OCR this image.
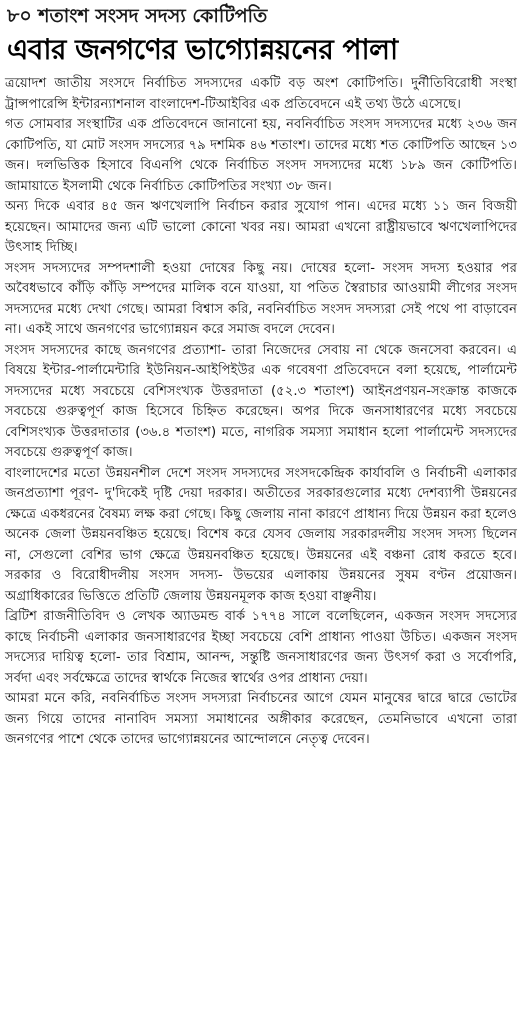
৮০ শতাংশ সংসদ সদস্য কোটিপতি
এবার জনগণের ভাগ্যোন্নয়নের পালা

ত্রয়োদশ জাতীয় সংসদে নির্বাচিত সদস্যদের একটি বড় অংশ কোটিপতি। দুর্নীতিবিরোধী সংস্থা ট্রান্সপারেন্সি ইন্টারন্যাশনাল বাংলাদেশ-টিআইবির এক প্রতিবেদনে এই তথ্য উঠে এসেছে।

গত সোমবার সংস্থাটির এক প্রতিবেদনে জানানো হয়, নবনির্বাচিত সংসদ সদস্যদের মধ্যে ২৩৬ জন কোটিপতি, যা মোট সংসদ সদস্যের ৭৯ দশমিক ৪৬ শতাংশ। তাদের মধ্যে শত কোটিপতি আছেন ১৩ জন। দলভিত্তিক হিসাবে বিএনপি থেকে নির্বাচিত সংসদ সদস্যদের মধ্যে ১৮৯ জন কোটিপতি। জামায়াতে ইসলামী থেকে নির্বাচিত কোটিপতির সংখ্যা ৩৮ জন।

অন্য দিকে এবার ৪৫ জন ঋণখেলাপি নির্বাচন করার সুযোগ পান। এদের মধ্যে ১১ জন বিজয়ী হয়েছেন। আমাদের জন্য এটি ভালো কোনো খবর নয়। আমরা এখনো রাষ্ট্রীয়ভাবে ঋণখেলাপিদের উৎসাহ দিচ্ছি।

সংসদ সদস্যদের সম্পদশালী হওয়া দোষের কিছু নয়। দোষের হলো- সংসদ সদস্য হওয়ার পর অবৈধভাবে কাঁড়ি কাঁড়ি সম্পদের মালিক বনে যাওয়া, যা পতিত স্বৈরাচার আওয়ামী লীগের সংসদ সদস্যদের মধ্যে দেখা গেছে। আমরা বিশ্বাস করি, নবনির্বাচিত সংসদ সদস্যরা সেই পথে পা বাড়াবেন না। একই সাথে জনগণের ভাগ্যোন্নয়ন করে সমাজ বদলে দেবেন।

সংসদ সদস্যদের কাছে জনগণের প্রত্যাশা- তারা নিজেদের সেবায় না থেকে জনসেবা করবেন। এ বিষয়ে ইন্টার-পার্লামেন্টারি ইউনিয়ন-আইপিইউর এক গবেষণা প্রতিবেদনে বলা হয়েছে, পার্লামেন্ট সদস্যদের মধ্যে সবচেয়ে বেশিসংখ্যক উত্তরদাতা (৫২.৩ শতাংশ) আইনপ্রণয়ন-সংক্রান্ত কাজকে সবচেয়ে গুরুত্বপূর্ণ কাজ হিসেবে চিহ্নিত করেছেন। অপর দিকে জনসাধারণের মধ্যে সবচেয়ে বেশিসংখ্যক উত্তরদাতার (৩৬.৪ শতাংশ) মতে, নাগরিক সমস্যা সমাধান হলো পার্লামেন্ট সদস্যদের সবচেয়ে গুরুত্বপূর্ণ কাজ।

বাংলাদেশের মতো উন্নয়নশীল দেশে সংসদ সদস্যদের সংসদকেন্দ্রিক কার্যাবলি ও নির্বাচনী এলাকার জনপ্রত্যাশা পূরণ- দু'দিকেই দৃষ্টি দেয়া দরকার। অতীতের সরকারগুলোর মধ্যে দেশব্যাপী উন্নয়নের ক্ষেত্রে একধরনের বৈষম্য লক্ষ করা গেছে। কিছু জেলায় নানা কারণে প্রাধান্য দিয়ে উন্নয়ন করা হলেও অনেক জেলা উন্নয়নবঞ্চিত হয়েছে। বিশেষ করে যেসব জেলায় সরকারদলীয় সংসদ সদস্য ছিলেন না, সেগুলো বেশির ভাগ ক্ষেত্রে উন্নয়নবঞ্চিত হয়েছে। উন্নয়নের এই বঞ্চনা রোধ করতে হবে। সরকার ও বিরোধীদলীয় সংসদ সদস্য- উভয়ের এলাকায় উন্নয়নের সুষম বণ্টন প্রয়োজন। অগ্রাধিকারের ভিত্তিতে প্রতিটি জেলায় উন্নয়নমূলক কাজ হওয়া বাঞ্ছনীয়।

ব্রিটিশ রাজনীতিবিদ ও লেখক অ্যাডমন্ড বার্ক ১৭৭৪ সালে বলেছিলেন, একজন সংসদ সদস্যের কাছে নির্বাচনী এলাকার জনসাধারণের ইচ্ছা সবচেয়ে বেশি প্রাধান্য পাওয়া উচিত। একজন সংসদ সদস্যের দায়িত্ব হলো- তার বিশ্রাম, আনন্দ, সন্তুষ্টি জনসাধারণের জন্য উৎসর্গ করা ও সর্বোপরি, সর্বদা এবং সর্বক্ষেত্রে তাদের স্বার্থকে নিজের স্বার্থের ওপর প্রাধান্য দেয়া।

আমরা মনে করি, নবনির্বাচিত সংসদ সদস্যরা নির্বাচনের আগে যেমন মানুষের দ্বারে দ্বারে ভোটের জন্য গিয়ে তাদের নানাবিদ সমস্যা সমাধানের অঙ্গীকার করেছেন, তেমনিভাবে এখনো তারা জনগণের পাশে থেকে তাদের ভাগ্যোন্নয়নের আন্দোলনে নেতৃত্ব দেবেন।
